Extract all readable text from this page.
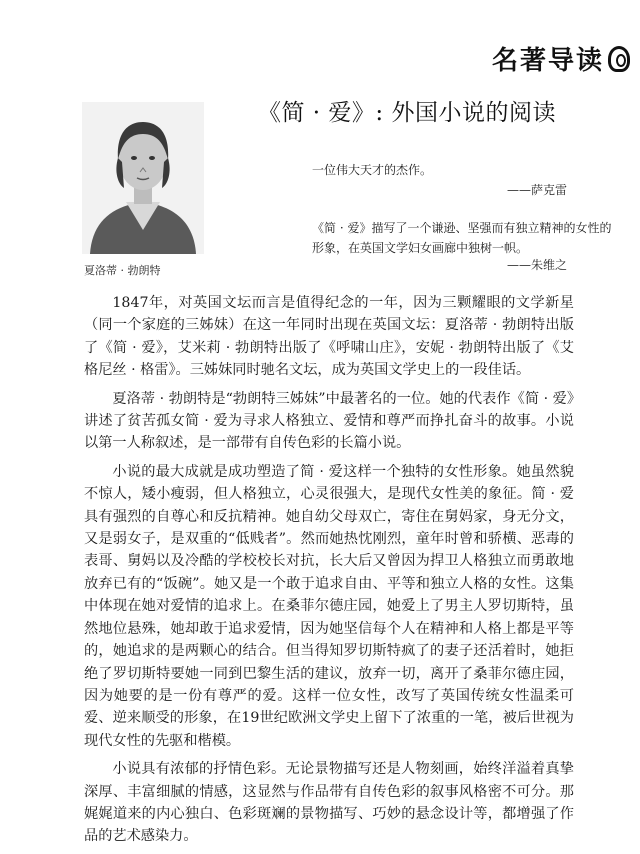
名著导读
夏洛蒂 · 勃朗特
《简 · 爱》: 外国小说的阅读
一位伟大天才的杰作。
——萨克雷
《简 · 爱》描写了一个谦逊、坚强而有独立精神的女性的形象，在英国文学妇女画廊中独树一帜。
——朱维之

1847年，对英国文坛而言是值得纪念的一年，因为三颗耀眼的文学新星（同一个家庭的三姊妹）在这一年同时出现在英国文坛：夏洛蒂 · 勃朗特出版了《简 · 爱》，艾米莉 · 勃朗特出版了《呼啸山庄》，安妮 · 勃朗特出版了《艾格尼丝 · 格雷》。三姊妹同时驰名文坛，成为英国文学史上的一段佳话。

夏洛蒂 · 勃朗特是“勃朗特三姊妹”中最著名的一位。她的代表作《简 · 爱》讲述了贫苦孤女简 · 爱为寻求人格独立、爱情和尊严而挣扎奋斗的故事。小说以第一人称叙述，是一部带有自传色彩的长篇小说。

小说的最大成就是成功塑造了简 · 爱这样一个独特的女性形象。她虽然貌不惊人，矮小瘦弱，但人格独立，心灵很强大，是现代女性美的象征。简 · 爱具有强烈的自尊心和反抗精神。她自幼父母双亡，寄住在舅妈家，身无分文，又是弱女子，是双重的“低贱者”。然而她热忱刚烈，童年时曾和骄横、恶毒的表哥、舅妈以及冷酷的学校校长对抗，长大后又曾因为捍卫人格独立而勇敢地放弃已有的“饭碗”。她又是一个敢于追求自由、平等和独立人格的女性。这集中体现在她对爱情的追求上。在桑菲尔德庄园，她爱上了男主人罗切斯特，虽然地位悬殊，她却敢于追求爱情，因为她坚信每个人在精神和人格上都是平等的，她追求的是两颗心的结合。但当得知罗切斯特疯了的妻子还活着时，她拒绝了罗切斯特要她一同到巴黎生活的建议，放弃一切，离开了桑菲尔德庄园，因为她要的是一份有尊严的爱。这样一位女性，改写了英国传统女性温柔可爱、逆来顺受的形象，在19世纪欧洲文学史上留下了浓重的一笔，被后世视为现代女性的先驱和楷模。

小说具有浓郁的抒情色彩。无论景物描写还是人物刻画，始终洋溢着真挚深厚、丰富细腻的情感，这显然与作品带有自传色彩的叙事风格密不可分。那娓娓道来的内心独白、色彩斑斓的景物描写、巧妙的悬念设计等，都增强了作品的艺术感染力。
